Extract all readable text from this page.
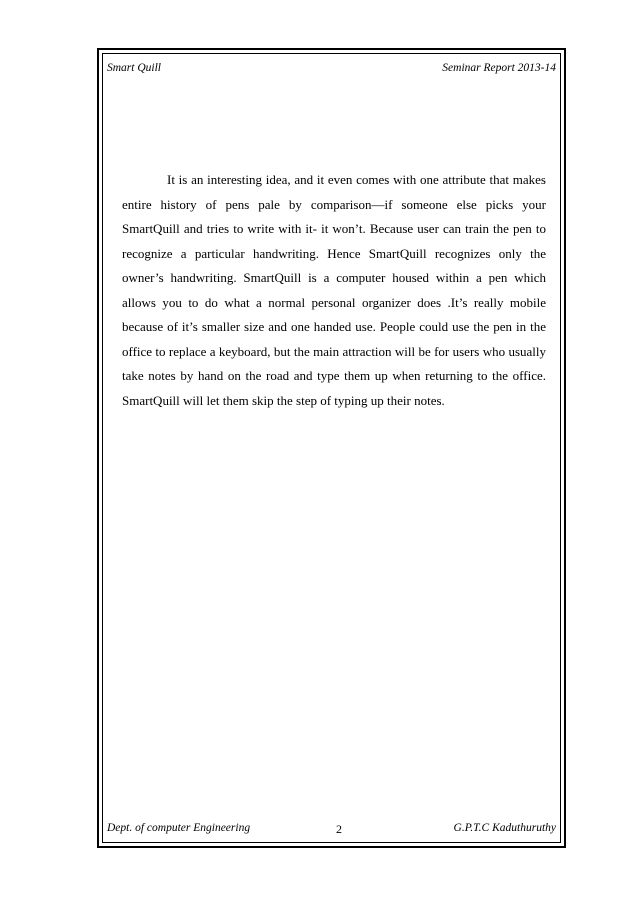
Smart Quill	Seminar Report 2013-14

It is an interesting idea, and it even comes with one attribute that makes entire history of pens pale by comparison—if someone else picks your SmartQuill and tries to write with it- it won’t. Because user can train the pen to recognize a particular handwriting. Hence SmartQuill recognizes only the owner’s handwriting. SmartQuill is a computer housed within a pen which allows you to do what a normal personal organizer does .It’s really mobile because of it’s smaller size and one handed use. People could use the pen in the office to replace a keyboard, but the main attraction will be for users who usually take notes by hand on the road and type them up when returning to the office. SmartQuill will let them skip the step of typing up their notes.

Dept. of computer Engineering	2	G.P.T.C Kaduthuruthy
